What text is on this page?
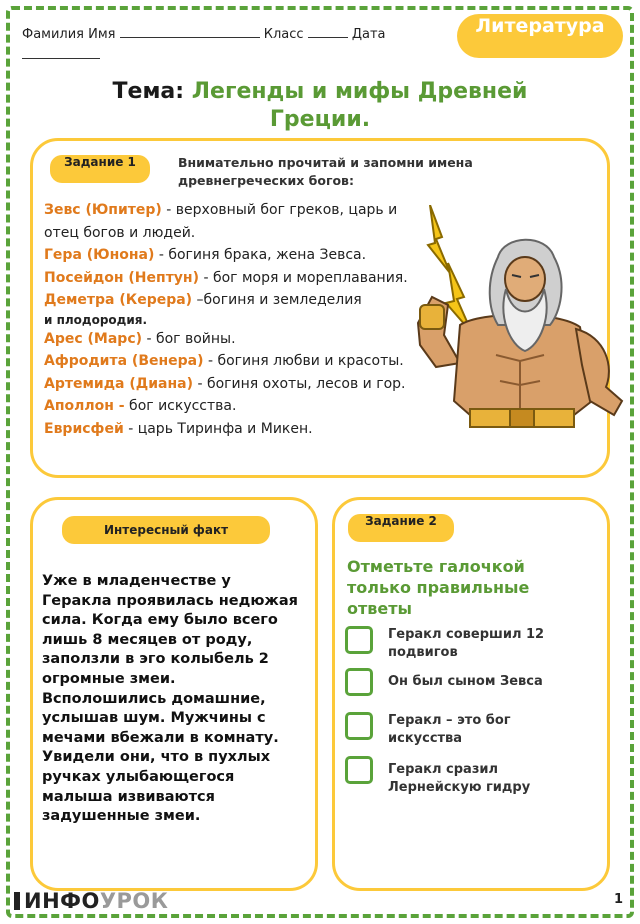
Фамилия Имя	Класс	Дата	Литература
Тема: Легенды и мифы Древней Греции.
Задание 1	Внимательно прочитай и запомни имена древнегреческих богов:
Зевс (Юпитер) - верховный бог греков, царь и
отец богов и людей.
Гера (Юнона) - богиня брака, жена Зевса.
Посейдон (Нептун) - бог моря и мореплавания.
Деметра (Керера) –богиня и земледелия
и плодородия.
Арес (Марс) - бог войны.
Афродита (Венера) - богиня любви и красоты.
Артемида (Диана) - богиня охоты, лесов и гор.
Аполлон - бог искусства.
Еврисфей - царь Тиринфа и Микен.
Интересный факт
Уже в младенчестве у Геракла проявилась недюжая сила. Когда ему было всего лишь 8 месяцев от роду, заползли в эго колыбель 2 огромные змеи. Всполошились домашние, услышав шум. Мужчины с мечами вбежали в комнату. Увидели они, что в пухлых ручках улыбающегося малыша извиваются задушенные змеи.
Задание 2
Отметьте галочкой только правильные ответы
Геракл совершил 12 подвигов
Он был сыном Зевса
Геракл – это бог искусства
Геракл сразил Лернейскую гидру
ИНФОУРОК	1
